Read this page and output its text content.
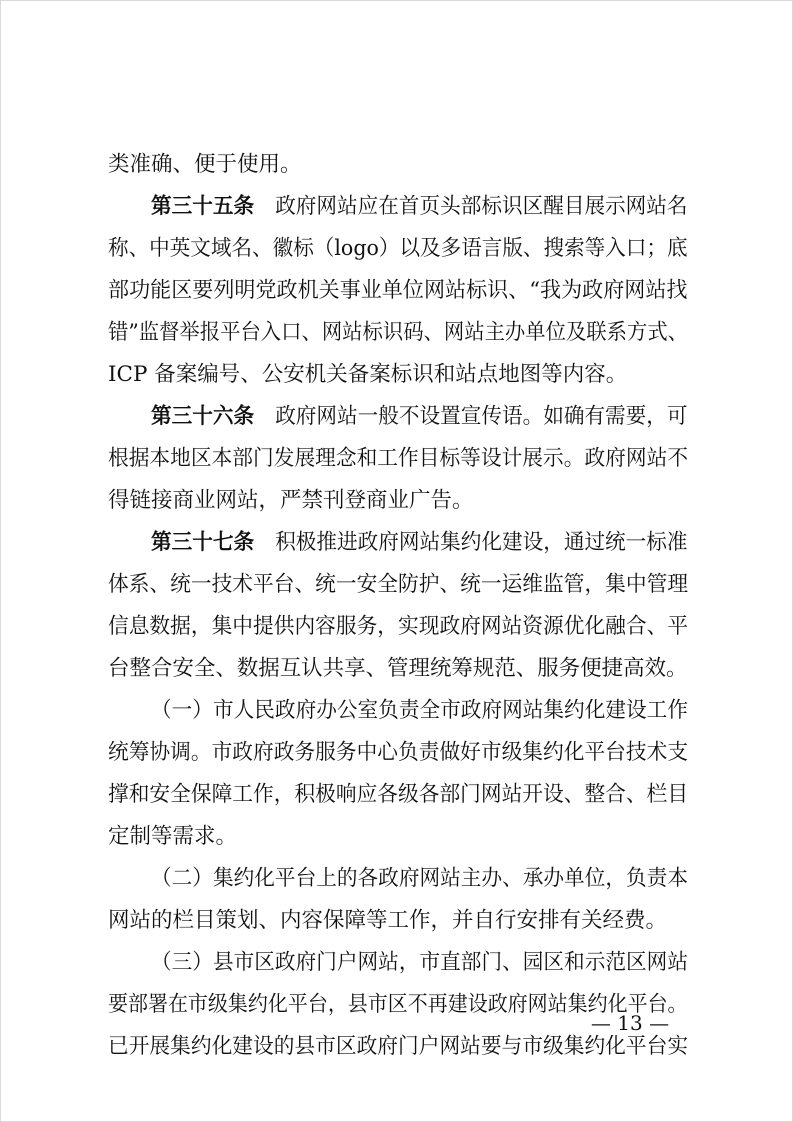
类准确、便于使用。
第三十五条 政府网站应在首页头部标识区醒目展示网站名
称、中英文域名、徽标（logo）以及多语言版、搜索等入口；底
部功能区要列明党政机关事业单位网站标识、“我为政府网站找
错”监督举报平台入口、网站标识码、网站主办单位及联系方式、
ICP 备案编号、公安机关备案标识和站点地图等内容。
第三十六条 政府网站一般不设置宣传语。如确有需要，可
根据本地区本部门发展理念和工作目标等设计展示。政府网站不
得链接商业网站，严禁刊登商业广告。
第三十七条 积极推进政府网站集约化建设，通过统一标准
体系、统一技术平台、统一安全防护、统一运维监管，集中管理
信息数据，集中提供内容服务，实现政府网站资源优化融合、平
台整合安全、数据互认共享、管理统筹规范、服务便捷高效。
（一）市人民政府办公室负责全市政府网站集约化建设工作
统筹协调。市政府政务服务中心负责做好市级集约化平台技术支
撑和安全保障工作，积极响应各级各部门网站开设、整合、栏目
定制等需求。
（二）集约化平台上的各政府网站主办、承办单位，负责本
网站的栏目策划、内容保障等工作，并自行安排有关经费。
（三）县市区政府门户网站，市直部门、园区和示范区网站
要部署在市级集约化平台，县市区不再建设政府网站集约化平台。
已开展集约化建设的县市区政府门户网站要与市级集约化平台实
— 13 —
